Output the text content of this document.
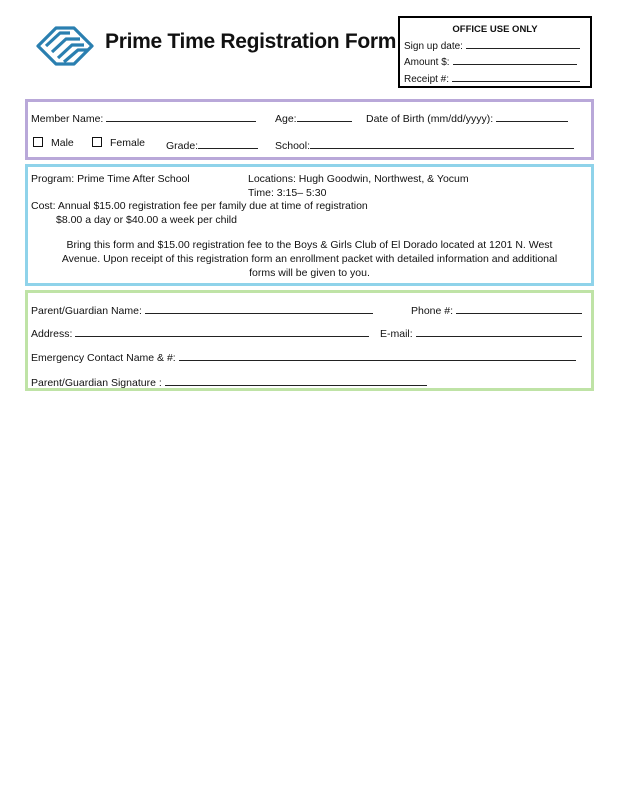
Prime Time Registration Form
OFFICE USE ONLY
Sign up date:
Amount $:
Receipt #:
Member Name:	Age:	Date of Birth (mm/dd/yyyy):
Male	Female Grade:	School:
Program: Prime Time After School	Locations: Hugh Goodwin, Northwest, & Yocum
Time: 3:15– 5:30
Cost: Annual $15.00 registration fee per family due at time of registration
$8.00 a day or $40.00 a week per child
Bring this form and $15.00 registration fee to the Boys & Girls Club of El Dorado located at 1201 N. West Avenue. Upon receipt of this registration form an enrollment packet with detailed information and additional forms will be given to you.
Parent/Guardian Name:	Phone #:
Address:	E-mail:
Emergency Contact Name & #:
Parent/Guardian Signature :
